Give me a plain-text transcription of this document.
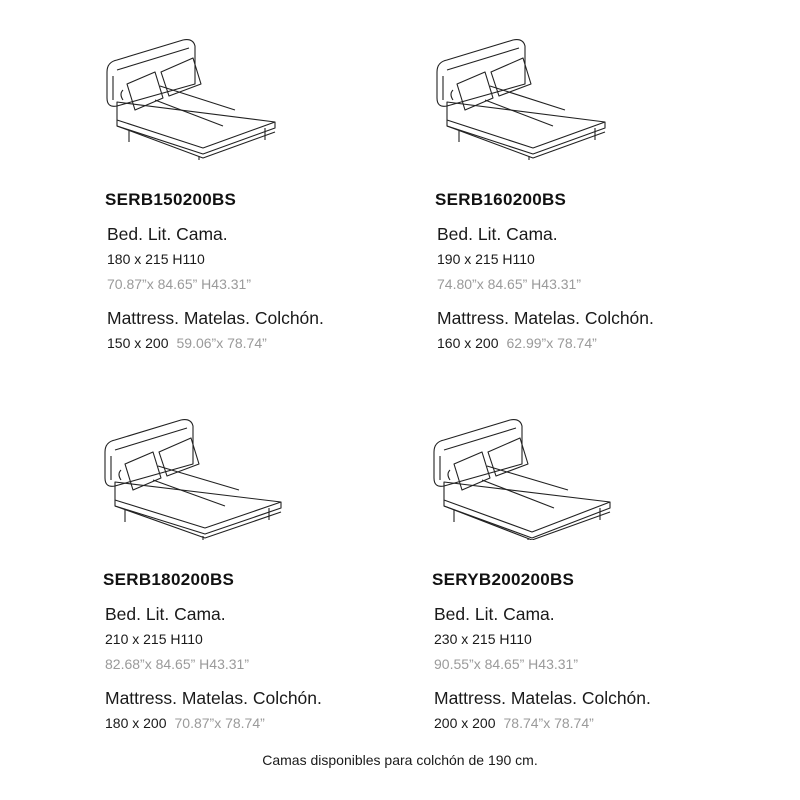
SERB150200BS
Bed. Lit. Cama.
180 x 215 H110
70.87”x 84.65” H43.31”
Mattress. Matelas. Colchón.
150 x 200 59.06”x 78.74”
SERB160200BS
Bed. Lit. Cama.
190 x 215 H110
74.80”x 84.65” H43.31”
Mattress. Matelas. Colchón.
160 x 200 62.99”x 78.74”
SERB180200BS
Bed. Lit. Cama.
210 x 215 H110
82.68”x 84.65” H43.31”
Mattress. Matelas. Colchón.
180 x 200 70.87”x 78.74”
SERYB200200BS
Bed. Lit. Cama.
230 x 215 H110
90.55”x 84.65” H43.31”
Mattress. Matelas. Colchón.
200 x 200 78.74”x 78.74”
Camas disponibles para colchón de 190 cm.
